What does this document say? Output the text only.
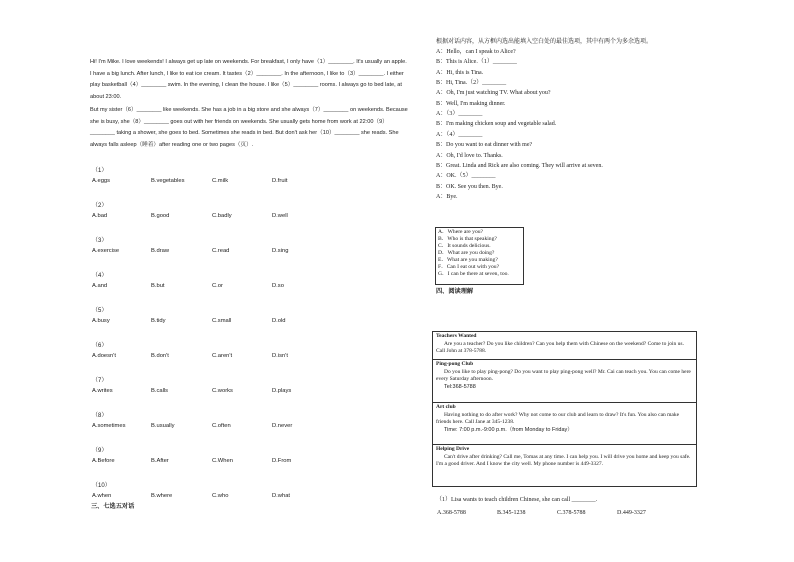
Hi! I'm Mike. I love weekends! I always get up late on weekends. For breakfast, I only have（1）________. It's usually an apple. I have a big lunch. After lunch, I like to eat ice cream. It tastes（2）________. In the afternoon, I like to（3）________. I either play basketball（4）________ swim. In the evening, I clean the house. I like（5）________ rooms. I always go to bed late, at about 23:00.
But my sister（6）________ like weekends. She has a job in a big store and she always（7）________ on weekends. Because she is busy, she（8）________ goes out with her friends on weekends. She usually gets home from work at 22:00（9）________ taking a shower, she goes to bed. Sometimes she reads in bed. But don't ask her（10）________ she reads. She always falls asleep（睡着）after reading one or two pages（页）.
（1）
A.eggs	B.vegetables	C.milk	D.fruit
（2）
A.bad	B.good	C.badly	D.well
（3）
A.exercise	B.draw	C.read	D.sing
（4）
A.and	B.but	C.or	D.so
（5）
A.busy	B.tidy	C.small	D.old
（6）
A.doesn't	B.don't	C.aren't	D.isn't
（7）
A.writes	B.calls	C.works	D.plays
（8）
A.sometimes	B.usually	C.often	D.never
（9）
A.Before	B.After	C.When	D.From
（10）
A.when	B.where	C.who	D.what
三、七选五对话
根据对话内容，从方框内选出能填入空白处的最佳选项，其中有两个为多余选项。
A：Hello，can I speak to Alice?
B：This is Alice.（1）________
A：Hi, this is Tina.
B：Hi, Tina.（2）________
A：Oh, I'm just watching TV. What about you?
B：Well, I'm making dinner.
A：（3）________
B：I'm making chicken soup and vegetable salad.
A：（4）________
B：Do you want to eat dinner with me?
A：Oh, I'd love to. Thanks.
B：Great. Linda and Rick are also coming. They will arrive at seven.
A：OK.（5）________
B：OK. See you then. Bye.
A：Bye.
A．Where are you?
B．Who is that speaking?
C．It sounds delicious.
D．What are you doing?
E．What are you making?
F．Can I eat out with you?
G．I can be there at seven, too.
四、阅读理解
Teachers Wanted
Are you a teacher? Do you like children? Can you help them with Chinese on the weekend? Come to join us. Call John at 378-5788.
Ping-pong Club
Do you like to play ping-pong? Do you want to play ping-pong well? Mr. Cai can teach you. You can come here every Saturday afternoon.
Tel:368-5788
Art club
Having nothing to do after work? Why not come to our club and learn to draw? It's fun. You also can make friends here. Call Jane at 345-1238.
Time: 7:00 p.m.-9:00 p.m.（from Monday to Friday）
Helping Drive
Can't drive after drinking? Call me, Tomas at any time. I can help you. I will drive you home and keep you safe. I'm a good driver. And I know the city well. My phone number is 449-3327.
（1）Lisa wants to teach children Chinese, she can call ________.
A.368-5788	B.345-1238	C.378-5788	D.449-3327
